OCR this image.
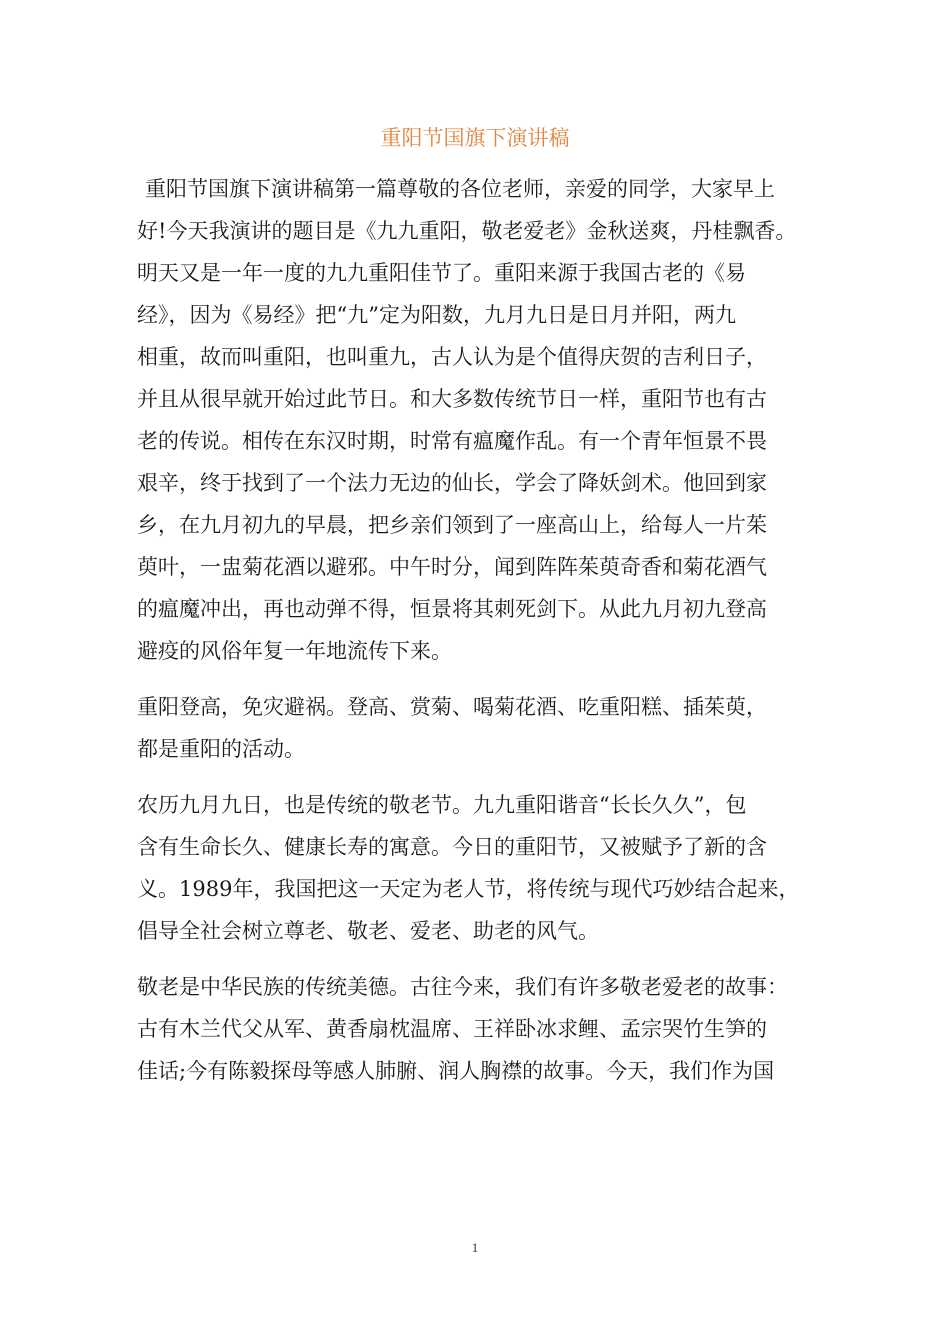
重阳节国旗下演讲稿
重阳节国旗下演讲稿第一篇尊敬的各位老师，亲爱的同学，大家早上
好!今天我演讲的题目是《九九重阳，敬老爱老》金秋送爽，丹桂飘香。
明天又是一年一度的九九重阳佳节了。重阳来源于我国古老的《易
经》，因为《易经》把“九”定为阳数，九月九日是日月并阳，两九
相重，故而叫重阳，也叫重九，古人认为是个值得庆贺的吉利日子，
并且从很早就开始过此节日。和大多数传统节日一样，重阳节也有古
老的传说。相传在东汉时期，时常有瘟魔作乱。有一个青年恒景不畏
艰辛，终于找到了一个法力无边的仙长，学会了降妖剑术。他回到家
乡，在九月初九的早晨，把乡亲们领到了一座高山上，给每人一片茱
萸叶，一盅菊花酒以避邪。中午时分，闻到阵阵茱萸奇香和菊花酒气
的瘟魔冲出，再也动弹不得，恒景将其刺死剑下。从此九月初九登高
避疫的风俗年复一年地流传下来。
重阳登高，免灾避祸。登高、赏菊、喝菊花酒、吃重阳糕、插茱萸，
都是重阳的活动。
农历九月九日，也是传统的敬老节。九九重阳谐音“长长久久”，包
含有生命长久、健康长寿的寓意。今日的重阳节，又被赋予了新的含
义。1989年，我国把这一天定为老人节，将传统与现代巧妙结合起来，
倡导全社会树立尊老、敬老、爱老、助老的风气。
敬老是中华民族的传统美德。古往今来，我们有许多敬老爱老的故事：
古有木兰代父从军、黄香扇枕温席、王祥卧冰求鲤、孟宗哭竹生笋的
佳话;今有陈毅探母等感人肺腑、润人胸襟的故事。今天，我们作为国
1
